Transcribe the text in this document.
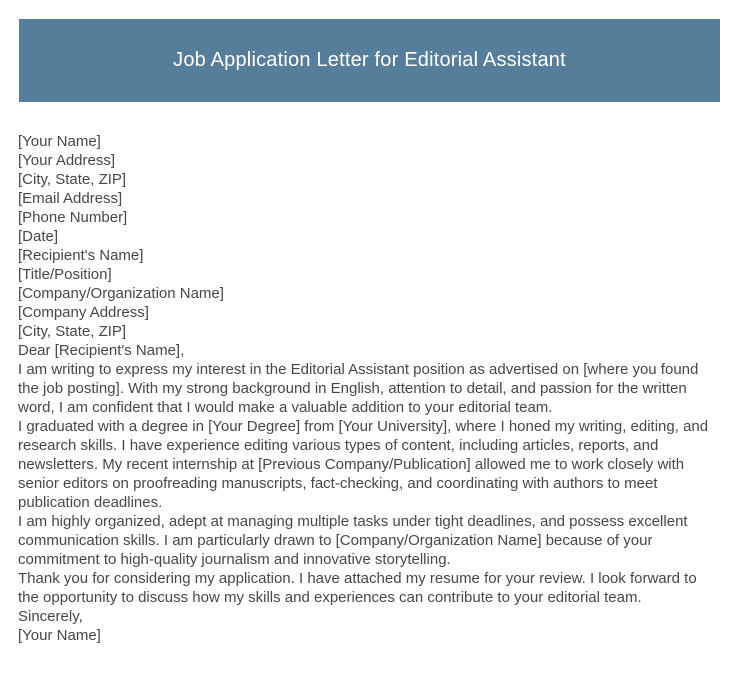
Job Application Letter for Editorial Assistant
[Your Name]
[Your Address]
[City, State, ZIP]
[Email Address]
[Phone Number]
[Date]
[Recipient's Name]
[Title/Position]
[Company/Organization Name]
[Company Address]
[City, State, ZIP]
Dear [Recipient's Name],

I am writing to express my interest in the Editorial Assistant position as advertised on [where you found the job posting]. With my strong background in English, attention to detail, and passion for the written word, I am confident that I would make a valuable addition to your editorial team.

I graduated with a degree in [Your Degree] from [Your University], where I honed my writing, editing, and research skills. I have experience editing various types of content, including articles, reports, and newsletters. My recent internship at [Previous Company/Publication] allowed me to work closely with senior editors on proofreading manuscripts, fact-checking, and coordinating with authors to meet publication deadlines.

I am highly organized, adept at managing multiple tasks under tight deadlines, and possess excellent communication skills. I am particularly drawn to [Company/Organization Name] because of your commitment to high-quality journalism and innovative storytelling.

Thank you for considering my application. I have attached my resume for your review. I look forward to the opportunity to discuss how my skills and experiences can contribute to your editorial team.

Sincerely,
[Your Name]
